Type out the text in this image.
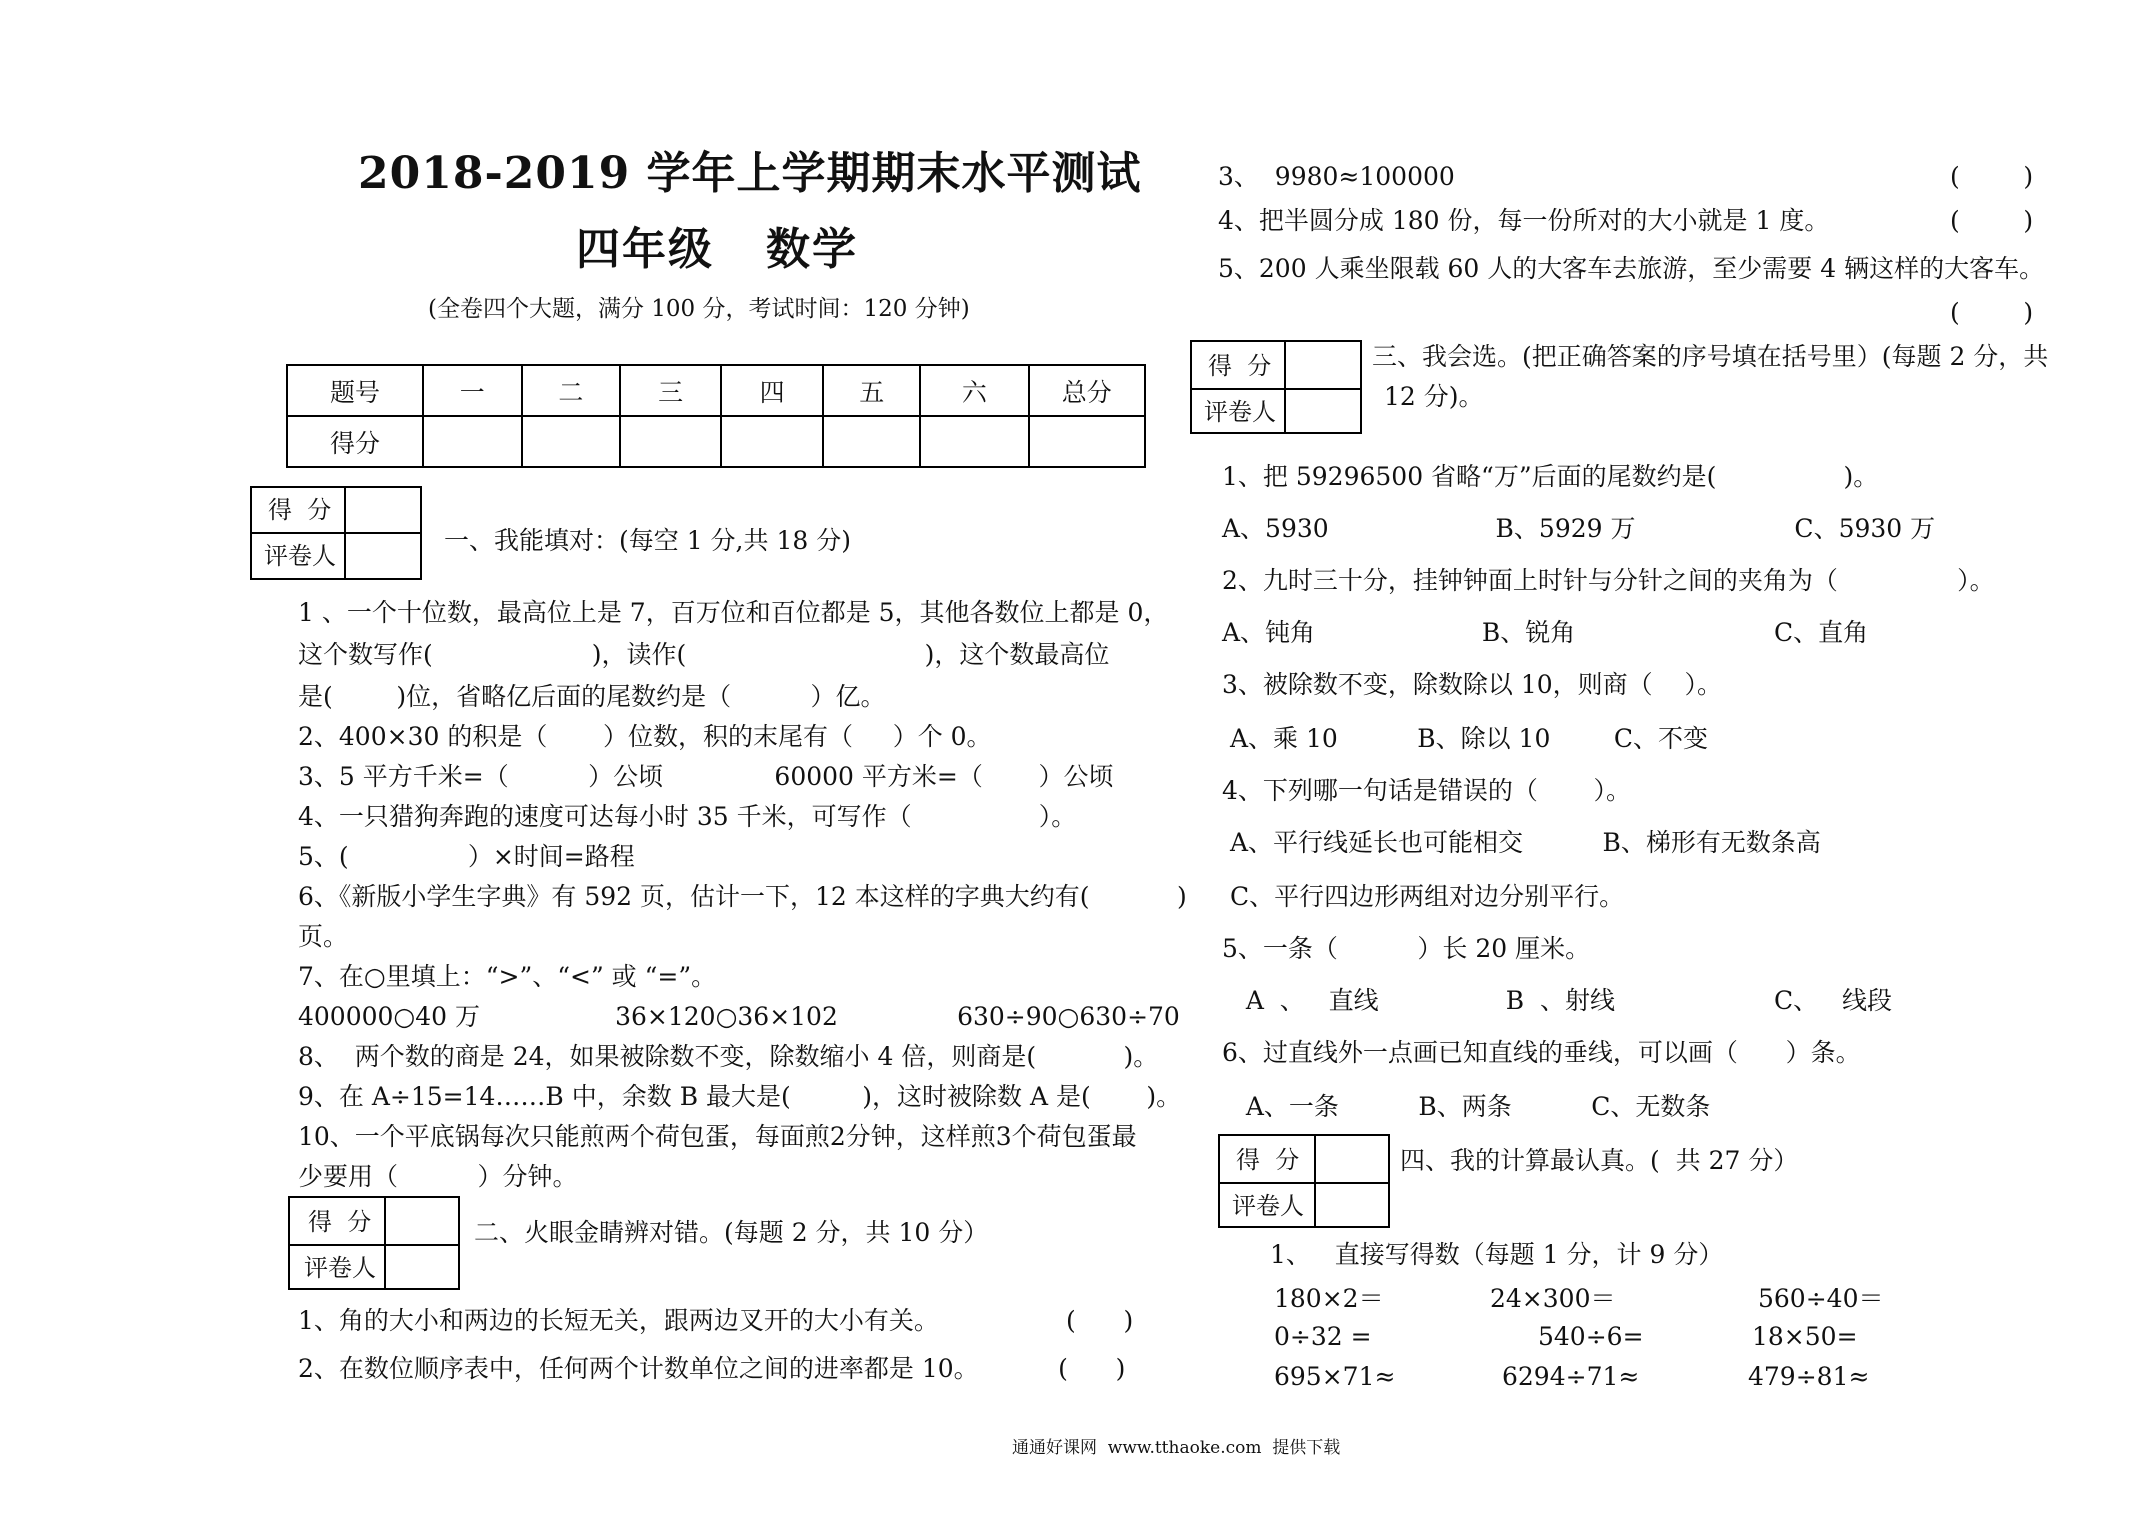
2018-2019 学年上学期期末水平测试
四年级   数学
(全卷四个大题，满分 100 分，考试时间：120 分钟)
题号	一	二	三	四	五	六	总分
得分							
得  分
评卷人
一、我能填对：(每空 1 分,共 18 分)
1 、一个十位数，最高位上是 7，百万位和百位都是 5，其他各数位上都是 0，
这个数写作(                    )，读作(                              )，这个数最高位
是(        )位，省略亿后面的尾数约是（          ）亿。
2、400×30 的积是（       ）位数，积的末尾有（     ）个 0。
3、5 平方千米=（          ）公顷              60000 平方米=（       ）公顷
4、一只猎狗奔跑的速度可达每小时 35 千米，可写作（                ）。
5、(               ）×时间=路程
6、《新版小学生字典》有 592 页，估计一下，12 本这样的字典大约有(           )
页。
7、在○里填上：“>”、“<” 或 “=”。
400000○40 万                 36×120○36×102               630÷90○630÷70
8、  两个数的商是 24，如果被除数不变，除数缩小 4 倍，则商是(           )。
9、在 A÷15=14……B 中，余数 B 最大是(         )，这时被除数 A 是(       )。
10、一个平底锅每次只能煎两个荷包蛋，每面煎2分钟，这样煎3个荷包蛋最
少要用（          ）分钟。
得  分
评卷人
二、火眼金睛辨对错。(每题 2 分，共 10 分）
1、角的大小和两边的长短无关，跟两边叉开的大小有关。                (      )
2、在数位顺序表中，任何两个计数单位之间的进率都是 10。          (      )
3、  9980≈100000	(        )
4、把半圆分成 180 份，每一份所对的大小就是 1 度。	(        )
5、200 人乘坐限载 60 人的大客车去旅游，至少需要 4 辆这样的大客车。
(        )
得  分
评卷人
三、我会选。(把正确答案的序号填在括号里）(每题 2 分，共
12 分)。
1、把 59296500 省略“万”后面的尾数约是(                )。
A、5930                     B、5929 万                    C、5930 万
2、九时三十分，挂钟钟面上时针与分针之间的夹角为（               ）。
A、钝角                     B、锐角                         C、直角
3、被除数不变，除数除以 10，则商（    ）。
A、乘 10          B、除以 10        C、不变
4、下列哪一句话是错误的（       ）。
A、平行线延长也可能相交          B、梯形有无数条高
C、平行四边形两组对边分别平行。
5、一条（          ）长 20 厘米。
A  、   直线                B  、射线                    C、   线段
6、过直线外一点画已知直线的垂线，可以画（      ）条。
A、一条          B、两条          C、无数条
得  分
评卷人
四、我的计算最认真。(  共 27 分）
1、   直接写得数（每题 1 分，计 9 分）
180×2＝	24×300＝	560÷40＝
0÷32 =	540÷6=	18×50=
695×71≈	6294÷71≈	479÷81≈
通通好课网  www.tthaoke.com  提供下载
